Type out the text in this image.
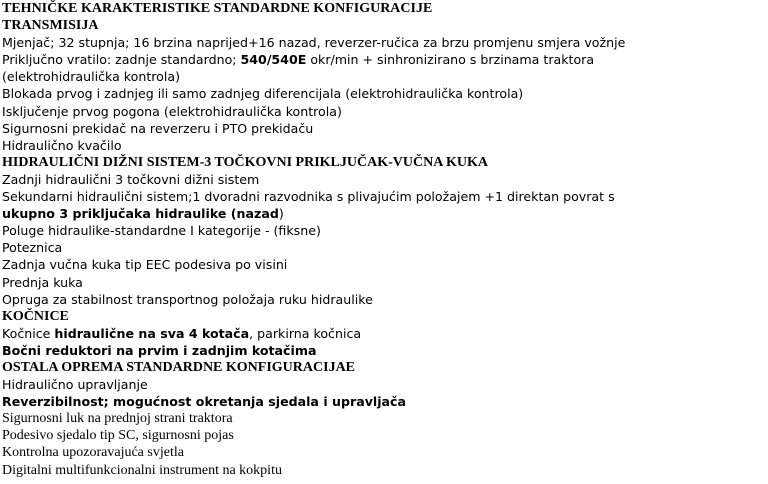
TEHNIČKE KARAKTERISTIKE STANDARDNE KONFIGURACIJE
TRANSMISIJA
Mjenjač; 32 stupnja; 16 brzina naprijed+16 nazad, reverzer-ručica za brzu promjenu smjera vožnje
Priključno vratilo: zadnje standardno; 540/540E okr/min + sinhronizirano s brzinama traktora
(elektrohidraulička kontrola)
Blokada prvog i zadnjeg ili samo zadnjeg diferencijala (elektrohidraulička kontrola)
Isključenje prvog pogona (elektrohidraulička kontrola)
Sigurnosni prekidač na reverzeru i PTO prekidaču
Hidraulično kvačilo
HIDRAULIČNI DIŽNI SISTEM-3 TOČKOVNI PRIKLJUČAK-VUČNA KUKA
Zadnji hidraulični 3 točkovni dižni sistem
Sekundarni hidraulični sistem;1 dvoradni razvodnika s plivajućim položajem +1 direktan povrat s
ukupno 3 priključaka hidraulike (nazad)
Poluge hidraulike-standardne I kategorije - (fiksne)
Poteznica
Zadnja vučna kuka tip EEC podesiva po visini
Prednja kuka
Opruga za stabilnost transportnog položaja ruku hidraulike
KOČNICE
Kočnice hidraulične na sva 4 kotača, parkirna kočnica
Bočni reduktori na prvim i zadnjim kotačima
OSTALA OPREMA STANDARDNE KONFIGURACIJAE
Hidraulično upravljanje
Reverzibilnost; mogućnost okretanja sjedala i upravljača
Sigurnosni luk na prednjoj strani traktora
Podesivo sjedalo tip SC, sigurnosni pojas
Kontrolna upozoravajuća svjetla
Digitalni multifunkcionalni instrument na kokpitu
